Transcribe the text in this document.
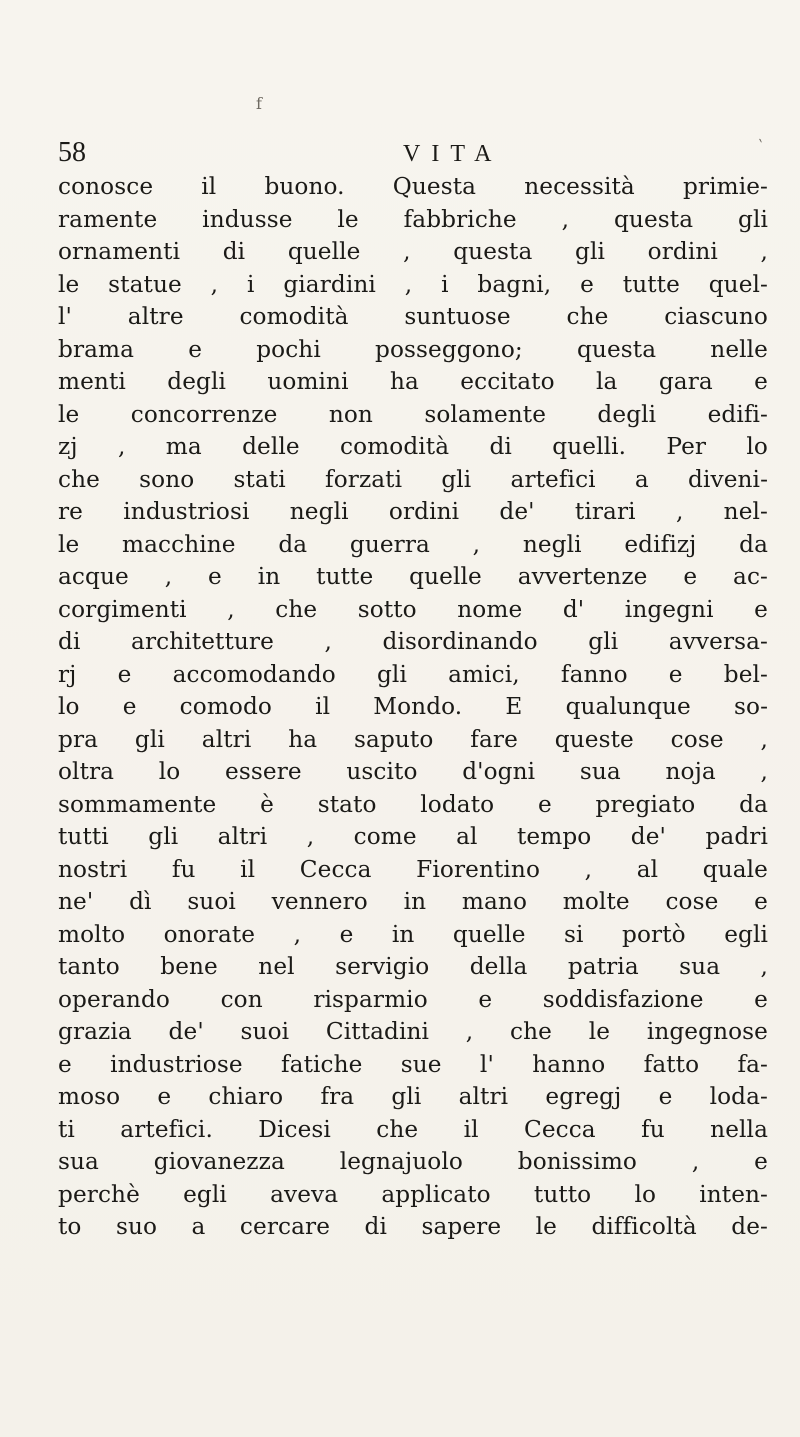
f
58	VITA	`
conosce il buono. Questa necessità primie-
ramente indusse le fabbriche , questa gli
ornamenti di quelle , questa gli ordini ,
le statue , i giardini , i bagni, e tutte quel-
l' altre comodità suntuose che ciascuno
brama e pochi posseggono; questa nelle
menti degli uomini ha eccitato la gara e
le concorrenze non solamente degli edifi-
zj , ma delle comodità di quelli. Per lo
che sono stati forzati gli artefici a diveni-
re industriosi negli ordini de' tirari , nel-
le macchine da guerra , negli edifizj da
acque , e in tutte quelle avvertenze e ac-
corgimenti , che sotto nome d' ingegni e
di architetture , disordinando gli avversa-
rj e accomodando gli amici, fanno e bel-
lo e comodo il Mondo. E qualunque so-
pra gli altri ha saputo fare queste cose ,
oltra lo essere uscito d'ogni sua noja ,
sommamente è stato lodato e pregiato da
tutti gli altri , come al tempo de' padri
nostri fu il Cecca Fiorentino , al quale
ne' dì suoi vennero in mano molte cose e
molto onorate , e in quelle si portò egli
tanto bene nel servigio della patria sua ,
operando con risparmio e soddisfazione e
grazia de' suoi Cittadini , che le ingegnose
e industriose fatiche sue l' hanno fatto fa-
moso e chiaro fra gli altri egregj e loda-
ti artefici. Dicesi che il Cecca fu nella
sua giovanezza legnajuolo bonissimo , e
perchè egli aveva applicato tutto lo inten-
to suo a cercare di sapere le difficoltà de-
